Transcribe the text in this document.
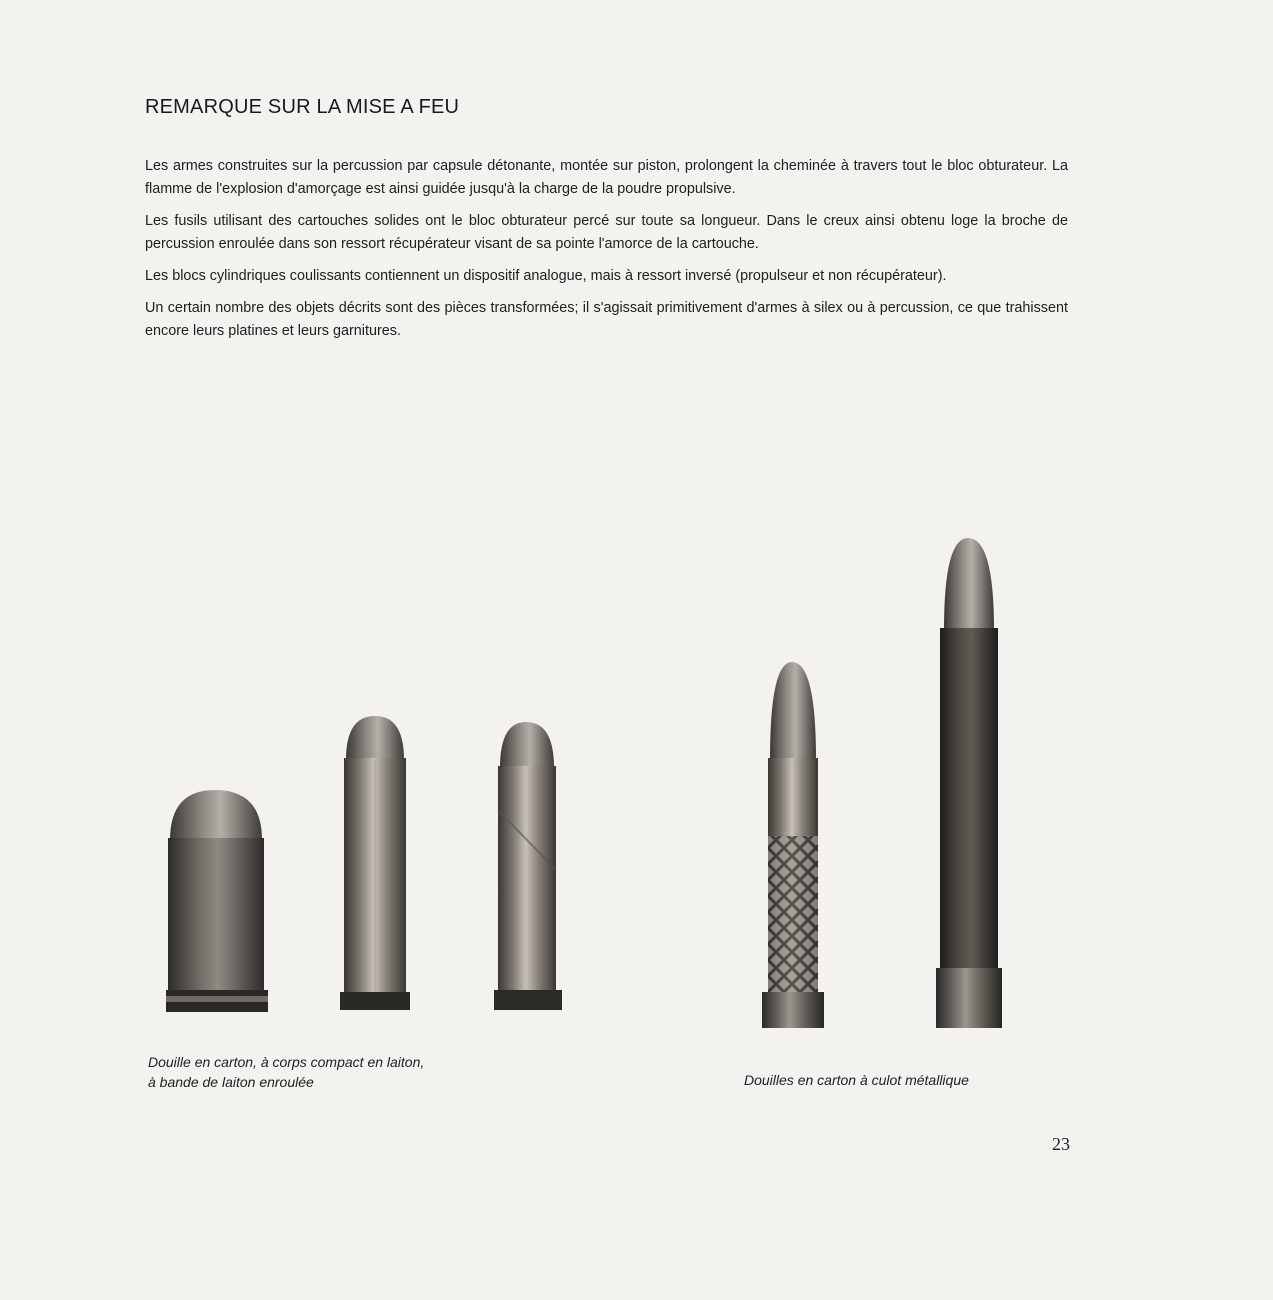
REMARQUE SUR LA MISE A FEU

Les armes construites sur la percussion par capsule détonante, montée sur piston, prolongent la cheminée à travers tout le bloc obturateur. La flamme de l'explosion d'amorçage est ainsi guidée jusqu'à la charge de la poudre propulsive.

Les fusils utilisant des cartouches solides ont le bloc obturateur percé sur toute sa longueur. Dans le creux ainsi obtenu loge la broche de percussion enroulée dans son ressort récupérateur visant de sa pointe l'amorce de la cartouche.

Les blocs cylindriques coulissants contiennent un dispositif analogue, mais à ressort inversé (propulseur et non récupérateur).

Un certain nombre des objets décrits sont des pièces transformées; il s'agissait primitivement d'armes à silex ou à percussion, ce que trahissent encore leurs platines et leurs garnitures.

Douille en carton, à corps compact en laiton,
à bande de laiton enroulée	Douilles en carton à culot métallique
23
